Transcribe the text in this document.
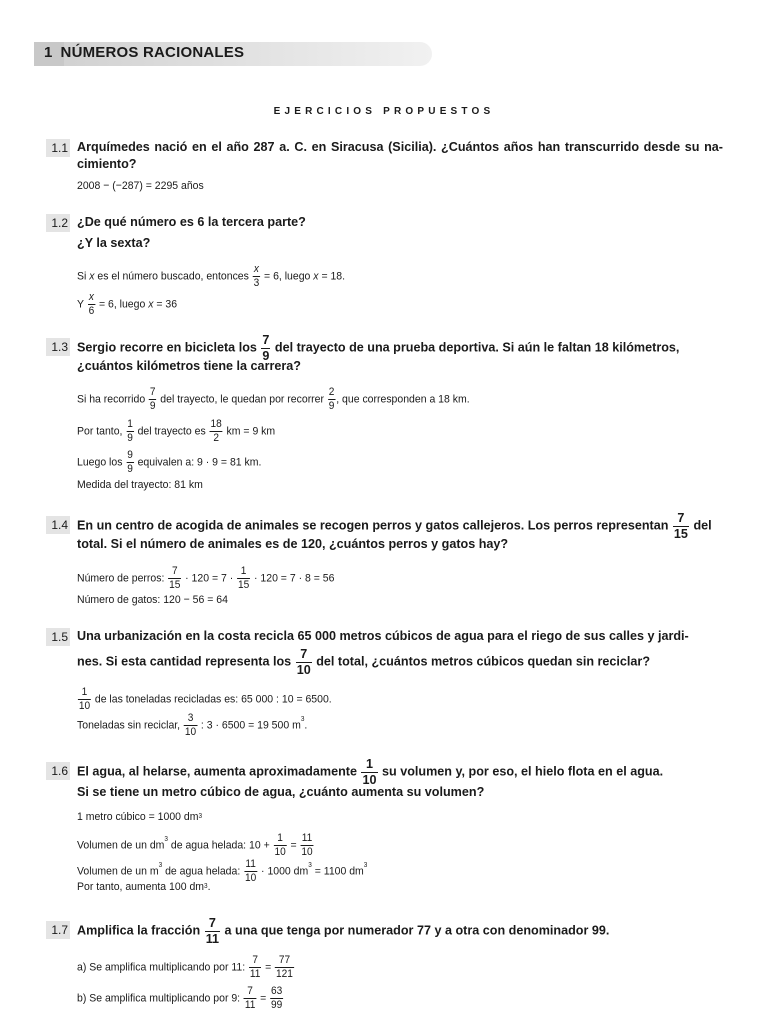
1 NÚMEROS RACIONALES
EJERCICIOS PROPUESTOS
1.1 Arquímedes nació en el año 287 a. C. en Siracusa (Sicilia). ¿Cuántos años han transcurrido desde su nacimiento?
2008 − (−287) = 2295 años
1.2 ¿De qué número es 6 la tercera parte?
¿Y la sexta?
Si x es el número buscado, entonces $\frac{x}{3} = 6$, luego x = 18.
Y $\frac{x}{6} = 6$, luego x = 36
1.3 Sergio recorre en bicicleta los $\frac{7}{9}$ del trayecto de una prueba deportiva. Si aún le faltan 18 kilómetros,
¿cuántos kilómetros tiene la carrera?
Si ha recorrido $\frac{7}{9}$ del trayecto, le quedan por recorrer $\frac{2}{9}$ , que corresponden a 18 km.
Por tanto, $\frac{1}{9}$ del trayecto es $\frac{18}{2}$ km = 9 km
Luego los $\frac{9}{9}$ equivalen a: 9 · 9 = 81 km.
Medida del trayecto: 81 km
1.4 En un centro de acogida de animales se recogen perros y gatos callejeros. Los perros representan $\frac{7}{15}$ del
total. Si el número de animales es de 120, ¿cuántos perros y gatos hay?
Número de perros: $\frac{7}{15} \cdot 120 = 7 \cdot \frac{1}{15} \cdot 120 = 7 \cdot 8 = 56$
Número de gatos: 120 − 56 = 64
1.5 Una urbanización en la costa recicla 65 000 metros cúbicos de agua para el riego de sus calles y jardi-
nes. Si esta cantidad representa los $\frac{7}{10}$ del total, ¿cuántos metros cúbicos quedan sin reciclar?
$\frac{1}{10}$ de las toneladas recicladas es: 65 000 : 10 = 6500.
Toneladas sin reciclar, $\frac{3}{10}$ : 3 · 6500 = 19 500 $m^3$.
1.6 El agua, al helarse, aumenta aproximadamente $\frac{1}{10}$ su volumen y, por eso, el hielo flota en el agua.
Si se tiene un metro cúbico de agua, ¿cuánto aumenta su volumen?
1 metro cúbico = 1000 $dm^3$
Volumen de un $dm^3$ de agua helada: $10 + \frac{1}{10} = \frac{11}{10}$
Volumen de un $m^3$ de agua helada: $\frac{11}{10} \cdot 1000$ $dm^3 = 1100$ $dm^3$
Por tanto, aumenta 100 $dm^3$.
1.7 Amplifica la fracción $\frac{7}{11}$ a una que tenga por numerador 77 y a otra con denominador 99.
a) Se amplifica multiplicando por 11: $\frac{7}{11} = \frac{77}{121}$
b) Se amplifica multiplicando por 9: $\frac{7}{11} = \frac{63}{99}$
